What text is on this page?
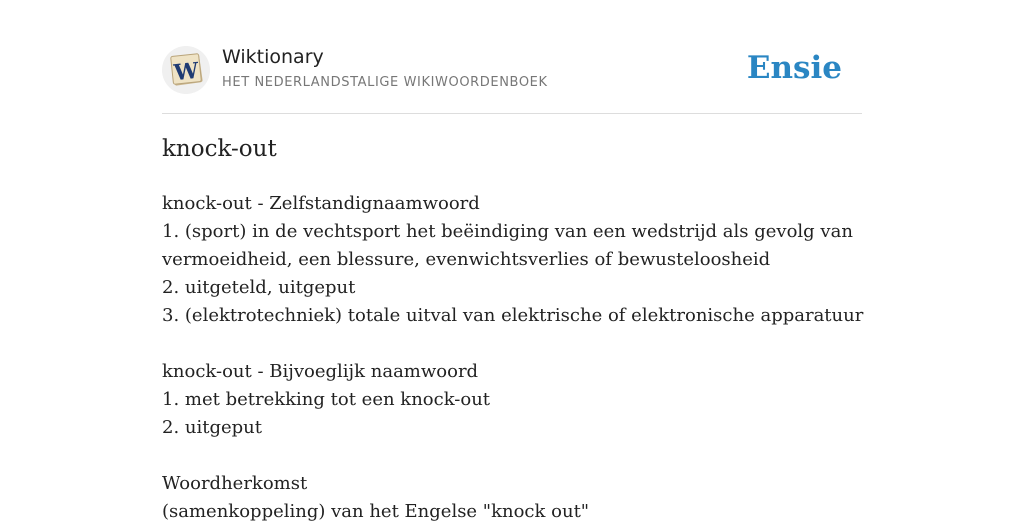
W
Wiktionary
HET NEDERLANDSTALIGE WIKIWOORDENBOEK	Ensie
knock-out
knock-out - Zelfstandignaamwoord
1. (sport) in de vechtsport het beëindiging van een wedstrijd als gevolg van
vermoeidheid, een blessure, evenwichtsverlies of bewusteloosheid
2. uitgeteld, uitgeput
3. (elektrotechniek) totale uitval van elektrische of elektronische apparatuur
knock-out - Bijvoeglijk naamwoord
1. met betrekking tot een knock-out
2. uitgeput
Woordherkomst
(samenkoppeling) van het Engelse "knock out"
